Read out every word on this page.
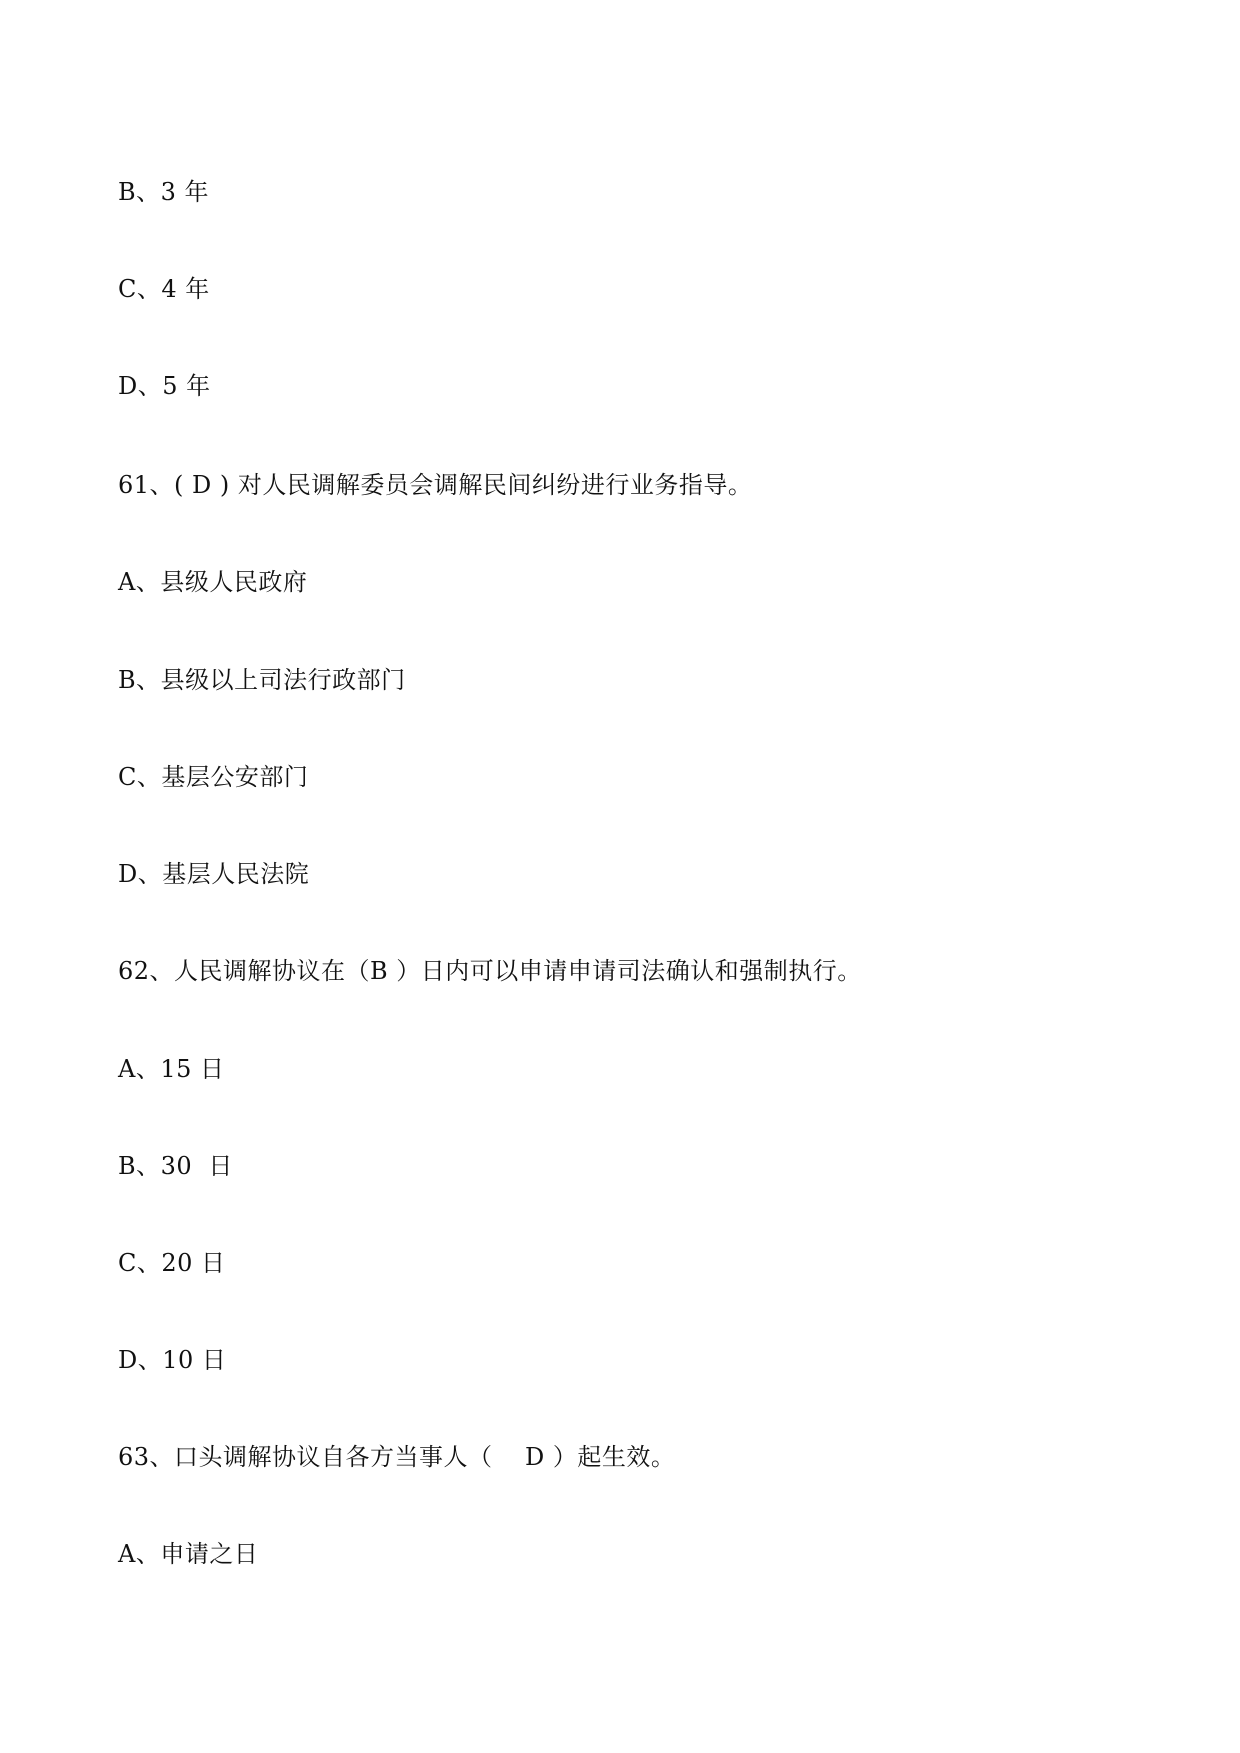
B、3 年
C、4 年
D、5 年
61、( D ) 对人民调解委员会调解民间纠纷进行业务指导。
A、县级人民政府
B、县级以上司法行政部门
C、基层公安部门
D、基层人民法院
62、人民调解协议在（B ）日内可以申请申请司法确认和强制执行。
A、15 日
B、30  日
C、20 日
D、10 日
63、口头调解协议自各方当事人（    D ）起生效。
A、申请之日
